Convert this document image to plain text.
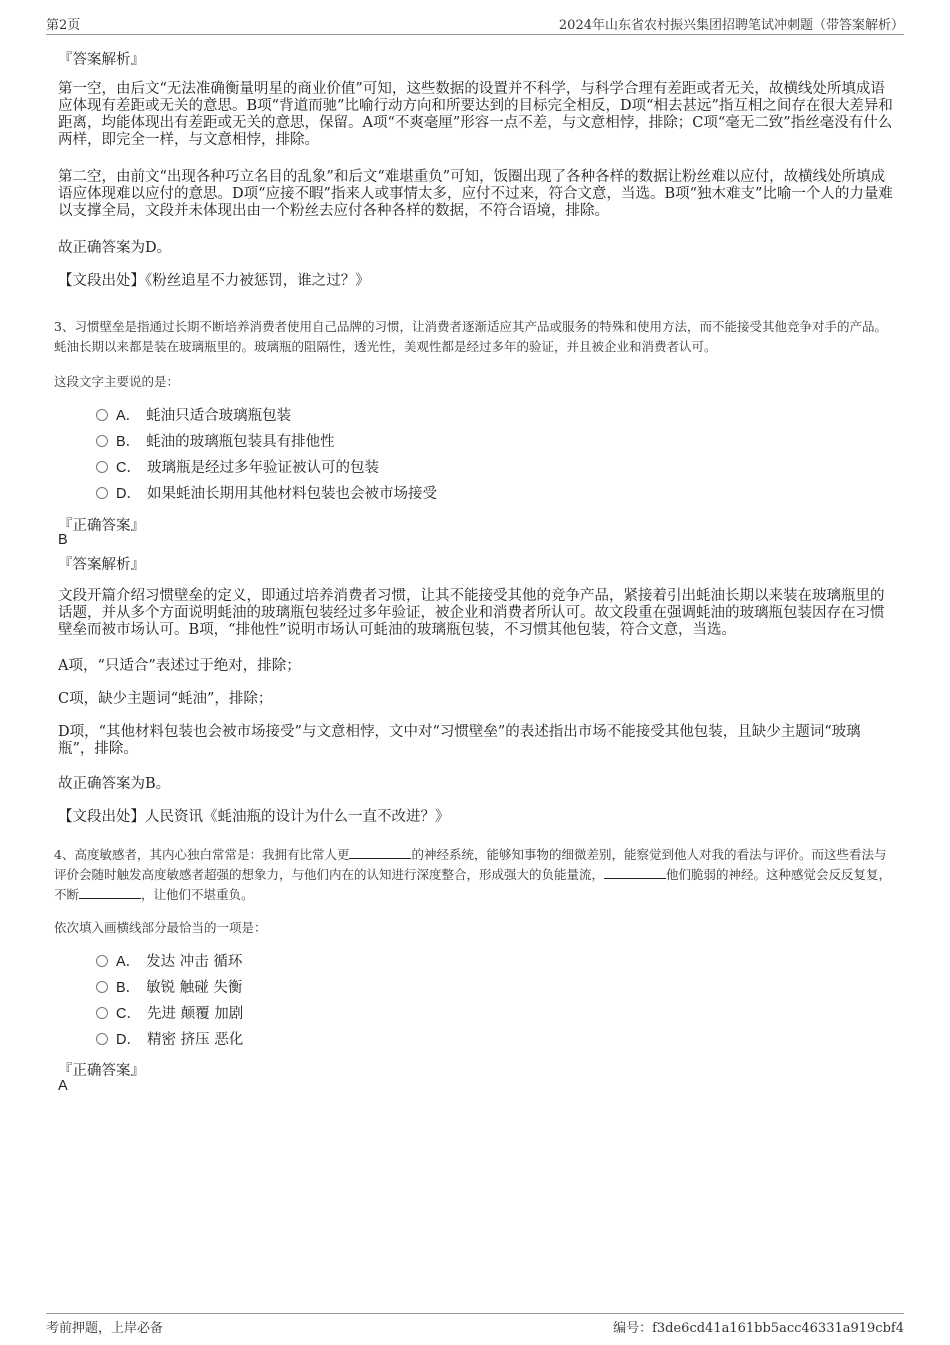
第2页	2024年山东省农村振兴集团招聘笔试冲刺题（带答案解析）
『答案解析』
第一空，由后文“无法准确衡量明星的商业价值”可知，这些数据的设置并不科学，与科学合理有差距或者无关，故横线处所填成语应体现有差距或无关的意思。B项“背道而驰”比喻行动方向和所要达到的目标完全相反，D项“相去甚远”指互相之间存在很大差异和距离，均能体现出有差距或无关的意思，保留。A项“不爽毫厘”形容一点不差，与文意相悖，排除；C项“毫无二致”指丝毫没有什么两样，即完全一样，与文意相悖，排除。
第二空，由前文“出现各种巧立名目的乱象”和后文“难堪重负”可知，饭圈出现了各种各样的数据让粉丝难以应付，故横线处所填成语应体现难以应付的意思。D项“应接不暇”指来人或事情太多，应付不过来，符合文意，当选。B项“独木难支”比喻一个人的力量难以支撑全局，文段并未体现出由一个粉丝去应付各种各样的数据，不符合语境，排除。
故正确答案为D。
【文段出处】《粉丝追星不力被惩罚，谁之过？》
3、习惯壁垒是指通过长期不断培养消费者使用自己品牌的习惯，让消费者逐渐适应其产品或服务的特殊和使用方法，而不能接受其他竞争对手的产品。蚝油长期以来都是装在玻璃瓶里的。玻璃瓶的阻隔性，透光性，美观性都是经过多年的验证，并且被企业和消费者认可。
这段文字主要说的是：
A． 蚝油只适合玻璃瓶包装
B． 蚝油的玻璃瓶包装具有排他性
C． 玻璃瓶是经过多年验证被认可的包装
D． 如果蚝油长期用其他材料包装也会被市场接受
『正确答案』
B
『答案解析』
文段开篇介绍习惯壁垒的定义，即通过培养消费者习惯，让其不能接受其他的竞争产品，紧接着引出蚝油长期以来装在玻璃瓶里的话题，并从多个方面说明蚝油的玻璃瓶包装经过多年验证，被企业和消费者所认可。故文段重在强调蚝油的玻璃瓶包装因存在习惯壁垒而被市场认可。B项，“排他性”说明市场认可蚝油的玻璃瓶包装，不习惯其他包装，符合文意，当选。
A项，“只适合”表述过于绝对，排除；
C项，缺少主题词“蚝油”，排除；
D项，“其他材料包装也会被市场接受”与文意相悖，文中对“习惯壁垒”的表述指出市场不能接受其他包装，且缺少主题词“玻璃瓶”，排除。
故正确答案为B。
【文段出处】人民资讯《蚝油瓶的设计为什么一直不改进？》
4、高度敏感者，其内心独白常常是：我拥有比常人更	的神经系统，能够知事物的细微差别，能察觉到他人对我的看法与评价。而这些看法与评价会随时触发高度敏感者超强的想象力，与他们内在的认知进行深度整合，形成强大的负能量流，	他们脆弱的神经。这种感觉会反反复复，不断	，让他们不堪重负。
依次填入画横线部分最恰当的一项是：
A． 发达 冲击 循环
B． 敏锐 触碰 失衡
C． 先进 颠覆 加剧
D． 精密 挤压 恶化
『正确答案』
A
考前押题，上岸必备	编号：f3de6cd41a161bb5acc46331a919cbf4
